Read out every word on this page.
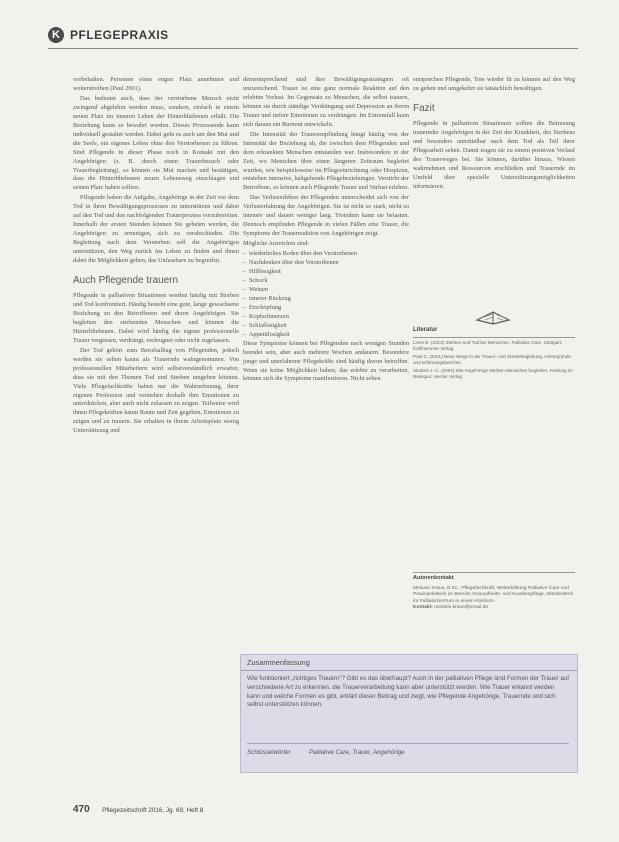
K PFLEGEPRAXIS

vorbehalten. Personen eines engen Platz annehmen und weiterstreiben (Paul 2001).

Das bedeutet auch, dass der verstorbene Mensch nicht zwingend abgelehnt werden muss, sondern, einfach in einem neuen Platz im inneren Leben der Hinterbliebenen erhält. Die Beziehung kann so bewahrt werden. Dieses Prozessende kann individuell gestaltet werden. Dabei geht es auch um den Mut und die Seele, ein eigenes Leben ohne den Verstorbenen zu führen. Sind Pflegende in dieser Phase noch in Kontakt mit den Angehörigen (z. B. durch einen Trauerbesuch oder Trauerbegleitung), so können sie Mut machen und bestätigen, dass die Hinterbliebenen neuen Lebensweg einschlagen und seinen Platz haben sollten.

Pflegende haben die Aufgabe, Angehörige in der Zeit vor dem Tod in ihren Bewältigungsprozessen zu unterstützen und dabei auf den Tod und den nachfolgenden Trauerprozess vorzubereiten. Innerhalb der ersten Stunden können Sie gebeten werden, die Angehörigen zu ermutigen, sich zu verabschieden. Die Begleitung nach dem Versterben soll die Angehörigen unterstützen, den Weg zurück ins Leben zu finden und ihnen dabei die Möglichkeit geben, das Unfassbare zu begreifen.

Auch Pflegende trauern

Pflegende in palliativen Situationen werden häufig mit Sterben und Tod konfrontiert. Häufig besteht eine gute, lange gewachsene Beziehung zu den Betroffenen und deren Angehörigen. Sie begleiten den sterbenden Menschen und können die Hinterbliebenen. Dabei wird häufig die eigene professionelle Trauer vergessen, verdrängt, verleugnet oder nicht zugelassen.

Der Tod gehört zum Berufsalltag von Pflegenden, jedoch werden sie selten kaum als Trauernde wahrgenommen. Von professionellen Mitarbeitern wird selbstverständlich erwartet, dass sie mit den Themen Tod und Sterben umgehen können. Viele Pflegefachkräfte haben nur die Wahrnehmung, ihrer eigenen Profession und verstehen deshalb ihre Emotionen zu unterdrücken, aber auch nicht zulassen zu zeigen. Teilweise wird ihnen Pflegekräften kaum Raum und Zeit gegeben, Emotionen zu zeigen und zu trauern. Sie erhalten in ihrem Arbeitsplatz wenig Unterstützung und

dementsprechend sind ihre Bewältigungsstrategien oft unzureichend. Trauer ist eine ganz normale Reaktion auf den erlebten Verlust. Im Gegensatz zu Menschen, die selbst trauern, können sie durch ständige Verdrängung und Depression an ihrem Trauer und tiefere Emotionen zu verdrängen. Im Extremfall kann sich daraus ein Burnout entwickeln.

Die Intensität der Trauerempfindung hängt häufig von der Intensität der Beziehung ab, die zwischen dem Pflegenden und dem erkrankten Menschen entstanden war. Insbesondere in der Zeit, wo Menschen über einen längeren Zeitraum begleitet wurden, wie beispielsweise im Pflegeeinrichtung oder Hospizen, entstehen intensive, haltgebende Pflegebeziehungen. Verstirbt der Betroffene, so können auch Pflegende Trauer und Verlust erleben.

Das Verlusterleben der Pflegenden unterscheidet sich von der Verlusterfahrung der Angehörigen. Sie ist nicht so stark, nicht so intensiv und dauert weniger lang. Trotzdem kann sie belasten. Dennoch empfinden Pflegende in vielen Fällen eine Trauer, die Symptome der Trauerreaktion von Angehörigen zeigt.

Mögliche Anzeichen sind:

– wiederholtes Reden über den Verstorbenen
– Nachdenken über den Verstorbenen
– Hilflosigkeit
– Schock
– Weinen
– innerer Rückzug
– Erschöpfung
– Kopfschmerzen
– Schlaflosigkeit
– Appetitlosigkeit

Diese Symptome können bei Pflegenden nach wenigen Stunden beendet sein, aber auch mehrere Wochen andauern. Besondere junge und unerfahrene Pflegekräfte sind häufig davon betroffen. Wenn sie keine Möglichkeit haben, das erlebte zu verarbeiten, können sich die Symptome manifestieren. Nicht selten

entsprechen Pflegende, Tote wieder fit zu können auf den Weg zu gehen und umgekehrt sie tatsächlich bewältigen.

Fazit

Pflegende in palliativen Situationen sollten die Betreuung trauernder Angehörigen in der Zeit der Krankheit, des Sterbens und besonders unmittelbar nach dem Tod als Teil ihrer Pflegearbeit sehen. Damit tragen sie zu einem positiven Verlauf des Trauerweges bei. Sie können, darüber hinaus, Wissen wahrnehmen und Ressourcen erschließen und Trauernde im Umfeld über spezielle Unterstützungsmöglichkeiten informieren.

Literatur
Lines B. (2013) Sterben und Tod bei Menschen. Palliative Care. Stuttgart: Kohlhammer Verlag
Paul C. (2001) Neue Wege in der Trauer- und Sterbebegleitung. Hintergründe und Erfahrungsberichte.
Student J.-C. (2004) Wie Angehörige sterben Menschen begleiten. Freiburg im Breisgau: Herder Verlag
Autorenkontakt
Melanie Kraus, B.Sc., Pflegefachkraft, Weiterbildung Palliative Care und Praxisanleiterin im Bereich Gesundheits- und Krankenpflege, Mitarbeiterin im Palliativzentrum in einem Klinikum.
Kontakt: melanie.kraus@email.de
Zusammenfassung
Wie funktioniert „richtiges Trauern“? Gibt es das überhaupt? Auch in der palliativen Pflege sind Formen der Trauer auf verschiedene Art zu erkennen, die Trauerverarbeitung kann aber unterstützt werden. Wie Trauer erkannt werden kann und welche Formen es gibt, erklärt dieser Beitrag und zeigt, wie Pflegende Angehörige, Trauernde und sich selbst unterstützen können.
Schlüsselwörter	Palliative Care, Trauer, Angehörige
470 Pflegezeitschrift 2016, Jg. 69, Heft 8
